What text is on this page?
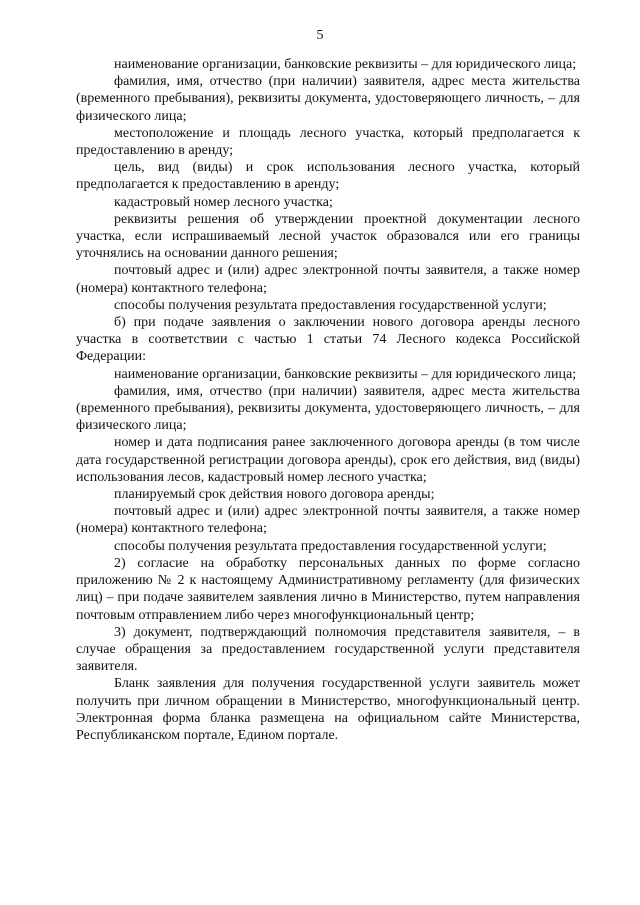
5

наименование организации, банковские реквизиты – для юридического лица;

фамилия, имя, отчество (при наличии) заявителя, адрес места жительства (временного пребывания), реквизиты документа, удостоверяющего личность, – для физического лица;

местоположение и площадь лесного участка, который предполагается к предоставлению в аренду;

цель, вид (виды) и срок использования лесного участка, который предполагается к предоставлению в аренду;

кадастровый номер лесного участка;

реквизиты решения об утверждении проектной документации лесного участка, если испрашиваемый лесной участок образовался или его границы уточнялись на основании данного решения;

почтовый адрес и (или) адрес электронной почты заявителя, а также номер (номера) контактного телефона;

способы получения результата предоставления государственной услуги;

б) при подаче заявления о заключении нового договора аренды лесного участка в соответствии с частью 1 статьи 74 Лесного кодекса Российской Федерации:

наименование организации, банковские реквизиты – для юридического лица;

фамилия, имя, отчество (при наличии) заявителя, адрес места жительства (временного пребывания), реквизиты документа, удостоверяющего личность, – для физического лица;

номер и дата подписания ранее заключенного договора аренды (в том числе дата государственной регистрации договора аренды), срок его действия, вид (виды) использования лесов, кадастровый номер лесного участка;

планируемый срок действия нового договора аренды;

почтовый адрес и (или) адрес электронной почты заявителя, а также номер (номера) контактного телефона;

способы получения результата предоставления государственной услуги;

2) согласие на обработку персональных данных по форме согласно приложению № 2 к настоящему Административному регламенту (для физических лиц) – при подаче заявителем заявления лично в Министерство, путем направления почтовым отправлением либо через многофункциональный центр;

3) документ, подтверждающий полномочия представителя заявителя, – в случае обращения за предоставлением государственной услуги представителя заявителя.

Бланк заявления для получения государственной услуги заявитель может получить при личном обращении в Министерство, многофункциональный центр. Электронная форма бланка размещена на официальном сайте Министерства, Республиканском портале, Едином портале.
